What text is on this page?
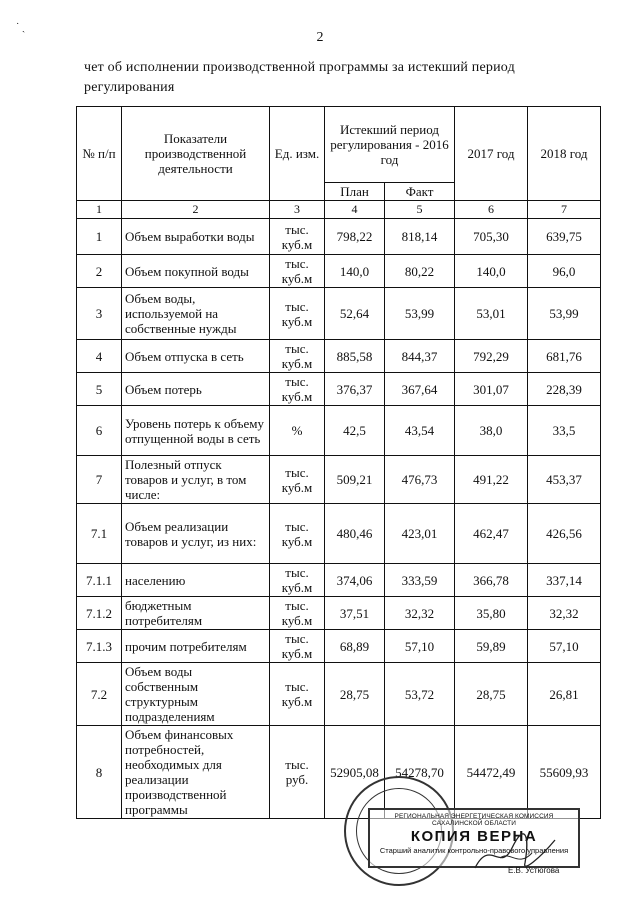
˙ ˎ
2
чет об исполнении производственной программы за истекший период регулирования
№ п/п	Показатели производственной деятельности	Ед. изм.	Истекший период регулирования - 2016 год		2017 год	2018 год
			План	Факт		
1	2	3	4	5	6	7
1	Объем выработки воды	тыс. куб.м	798,22	818,14	705,30	639,75
2	Объем покупной воды	тыс. куб.м	140,0	80,22	140,0	96,0
3	Объем воды, используемой на собственные нужды	тыс. куб.м	52,64	53,99	53,01	53,99
4	Объем отпуска в сеть	тыс. куб.м	885,58	844,37	792,29	681,76
5	Объем потерь	тыс. куб.м	376,37	367,64	301,07	228,39
6	Уровень потерь к объему отпущенной воды в сеть	%	42,5	43,54	38,0	33,5
7	Полезный отпуск товаров и услуг, в том числе:	тыс. куб.м	509,21	476,73	491,22	453,37
7.1	Объем реализации товаров и услуг, из них:	тыс. куб.м	480,46	423,01	462,47	426,56
7.1.1	населению	тыс. куб.м	374,06	333,59	366,78	337,14
7.1.2	бюджетным потребителям	тыс. куб.м	37,51	32,32	35,80	32,32
7.1.3	прочим потребителям	тыс. куб.м	68,89	57,10	59,89	57,10
7.2	Объем воды собственным структурным подразделениям	тыс. куб.м	28,75	53,72	28,75	26,81
8	Объем финансовых потребностей, необходимых для реализации производственной программы	тыс. руб.	52905,08	54278,70	54472,49	55609,93
РЕГИОНАЛЬНАЯ ЭНЕРГЕТИЧЕСКАЯ КОМИССИЯ САХАЛИНСКОЙ ОБЛАСТИ
КОПИЯ ВЕРНА
Старший аналитик контрольно-правового управления
Е.В. Устюгова
